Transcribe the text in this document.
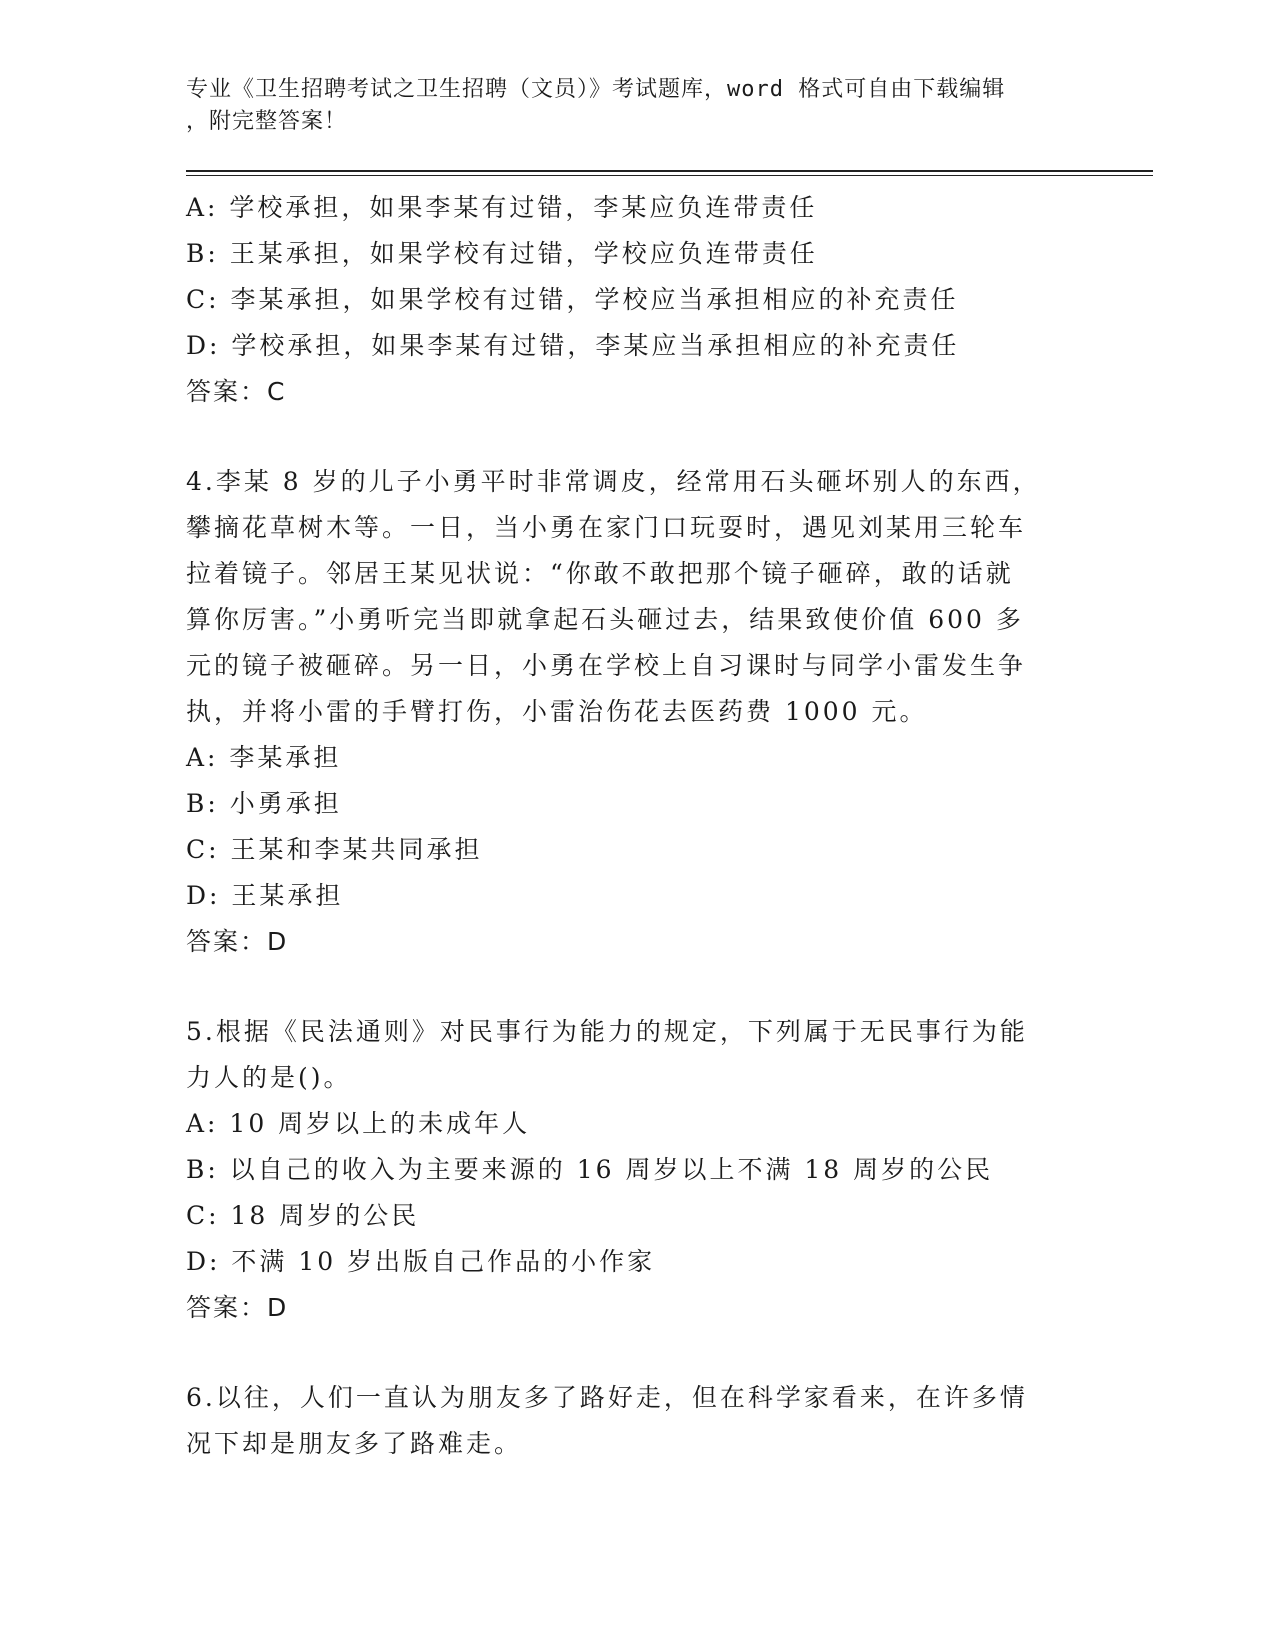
专业《卫生招聘考试之卫生招聘（文员）》考试题库，word 格式可自由下载编辑
，附完整答案！
A: 学校承担，如果李某有过错，李某应负连带责任
B: 王某承担，如果学校有过错，学校应负连带责任
C: 李某承担，如果学校有过错，学校应当承担相应的补充责任
D: 学校承担，如果李某有过错，李某应当承担相应的补充责任
答案：C
4.李某 8 岁的儿子小勇平时非常调皮，经常用石头砸坏别人的东西，
攀摘花草树木等。一日，当小勇在家门口玩耍时，遇见刘某用三轮车
拉着镜子。邻居王某见状说：“你敢不敢把那个镜子砸碎，敢的话就
算你厉害。”小勇听完当即就拿起石头砸过去，结果致使价值 600 多
元的镜子被砸碎。另一日，小勇在学校上自习课时与同学小雷发生争
执，并将小雷的手臂打伤，小雷治伤花去医药费 1000 元。
A: 李某承担
B: 小勇承担
C: 王某和李某共同承担
D: 王某承担
答案：D
5.根据《民法通则》对民事行为能力的规定，下列属于无民事行为能
力人的是()。
A: 10 周岁以上的未成年人
B: 以自己的收入为主要来源的 16 周岁以上不满 18 周岁的公民
C: 18 周岁的公民
D: 不满 10 岁出版自己作品的小作家
答案：D
6.以往，人们一直认为朋友多了路好走，但在科学家看来，在许多情
况下却是朋友多了路难走。
